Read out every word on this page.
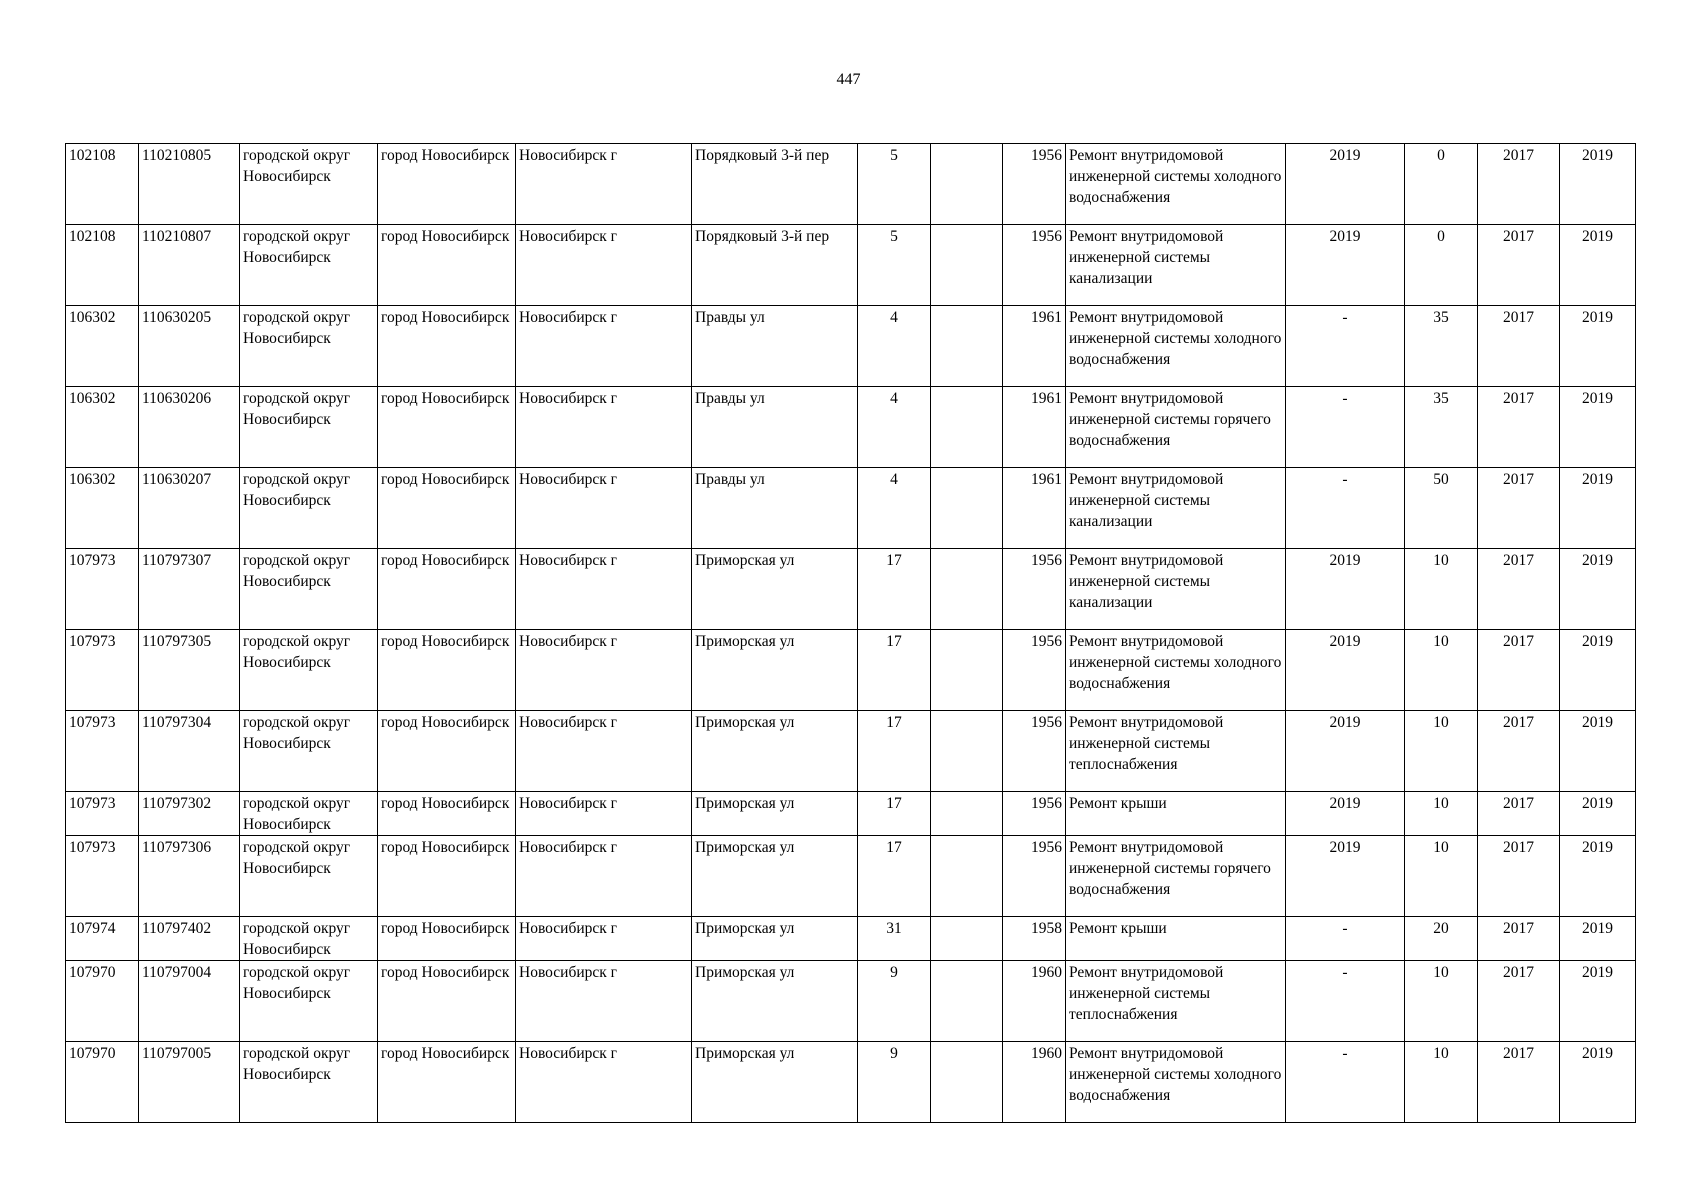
447
102108	110210805	городской округ Новосибирск	город Новосибирск	Новосибирск г	Порядковый 3-й пер	5		1956	Ремонт внутридомовой инженерной системы холодного водоснабжения	2019	0	2017	2019
102108	110210807	городской округ Новосибирск	город Новосибирск	Новосибирск г	Порядковый 3-й пер	5		1956	Ремонт внутридомовой инженерной системы канализации	2019	0	2017	2019
106302	110630205	городской округ Новосибирск	город Новосибирск	Новосибирск г	Правды ул	4		1961	Ремонт внутридомовой инженерной системы холодного водоснабжения	-	35	2017	2019
106302	110630206	городской округ Новосибирск	город Новосибирск	Новосибирск г	Правды ул	4		1961	Ремонт внутридомовой инженерной системы горячего водоснабжения	-	35	2017	2019
106302	110630207	городской округ Новосибирск	город Новосибирск	Новосибирск г	Правды ул	4		1961	Ремонт внутридомовой инженерной системы канализации	-	50	2017	2019
107973	110797307	городской округ Новосибирск	город Новосибирск	Новосибирск г	Приморская ул	17		1956	Ремонт внутридомовой инженерной системы канализации	2019	10	2017	2019
107973	110797305	городской округ Новосибирск	город Новосибирск	Новосибирск г	Приморская ул	17		1956	Ремонт внутридомовой инженерной системы холодного водоснабжения	2019	10	2017	2019
107973	110797304	городской округ Новосибирск	город Новосибирск	Новосибирск г	Приморская ул	17		1956	Ремонт внутридомовой инженерной системы теплоснабжения	2019	10	2017	2019
107973	110797302	городской округ Новосибирск	город Новосибирск	Новосибирск г	Приморская ул	17		1956	Ремонт крыши	2019	10	2017	2019
107973	110797306	городской округ Новосибирск	город Новосибирск	Новосибирск г	Приморская ул	17		1956	Ремонт внутридомовой инженерной системы горячего водоснабжения	2019	10	2017	2019
107974	110797402	городской округ Новосибирск	город Новосибирск	Новосибирск г	Приморская ул	31		1958	Ремонт крыши	-	20	2017	2019
107970	110797004	городской округ Новосибирск	город Новосибирск	Новосибирск г	Приморская ул	9		1960	Ремонт внутридомовой инженерной системы теплоснабжения	-	10	2017	2019
107970	110797005	городской округ Новосибирск	город Новосибирск	Новосибирск г	Приморская ул	9		1960	Ремонт внутридомовой инженерной системы холодного водоснабжения	-	10	2017	2019
